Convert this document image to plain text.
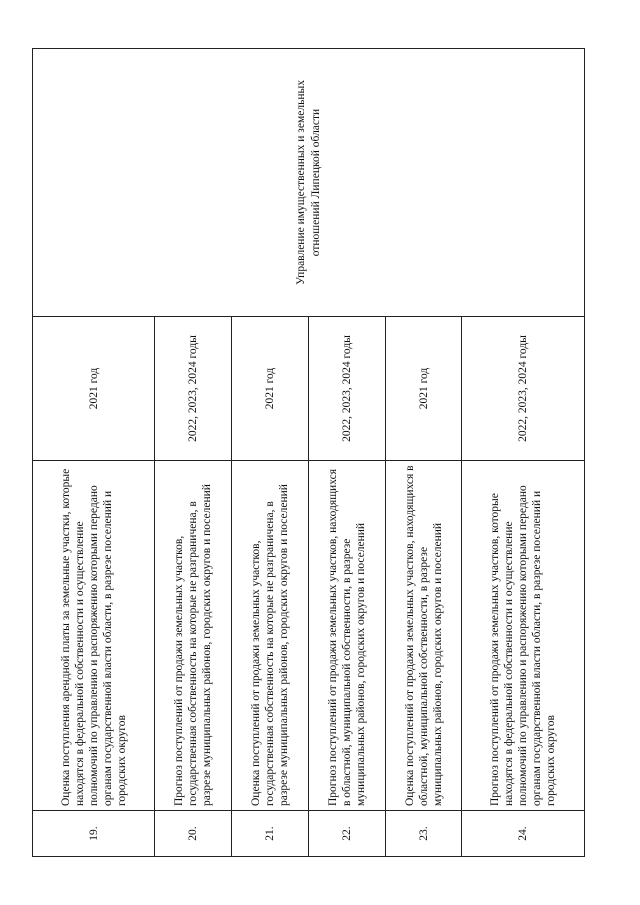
19.	Оценка поступления арендной платы за земельные участки, которые находятся в федеральной собственности и осуществление полномочий по управлению и распоряжению которыми передано органам государственной власти области, в разрезе поселений и городских округов	2021 год	Управление имущественных и земельных отношений Липецкой области
20.	Прогноз поступлений от продажи земельных участков, государственная собственность на которые не разграничена, в разрезе муниципальных районов, городских округов и поселений	2022, 2023, 2024 годы	
21.	Оценка поступлений от продажи земельных участков, государственная собственность на которые не разграничена, в разрезе муниципальных районов, городских округов и поселений	2021 год	
22.	Прогноз поступлений от продажи земельных участков, находящихся в областной, муниципальной собственности, в разрезе муниципальных районов, городских округов и поселений	2022, 2023, 2024 годы	
23.	Оценка поступлений от продажи земельных участков, находящихся в областной, муниципальной собственности, в разрезе муниципальных районов, городских округов и поселений	2021 год	
24.	Прогноз поступлений от продажи земельных участков, которые находятся в федеральной собственности и осуществление полномочий по управлению и распоряжению которыми передано органам государственной власти области, в разрезе поселений и городских округов	2022, 2023, 2024 годы	
